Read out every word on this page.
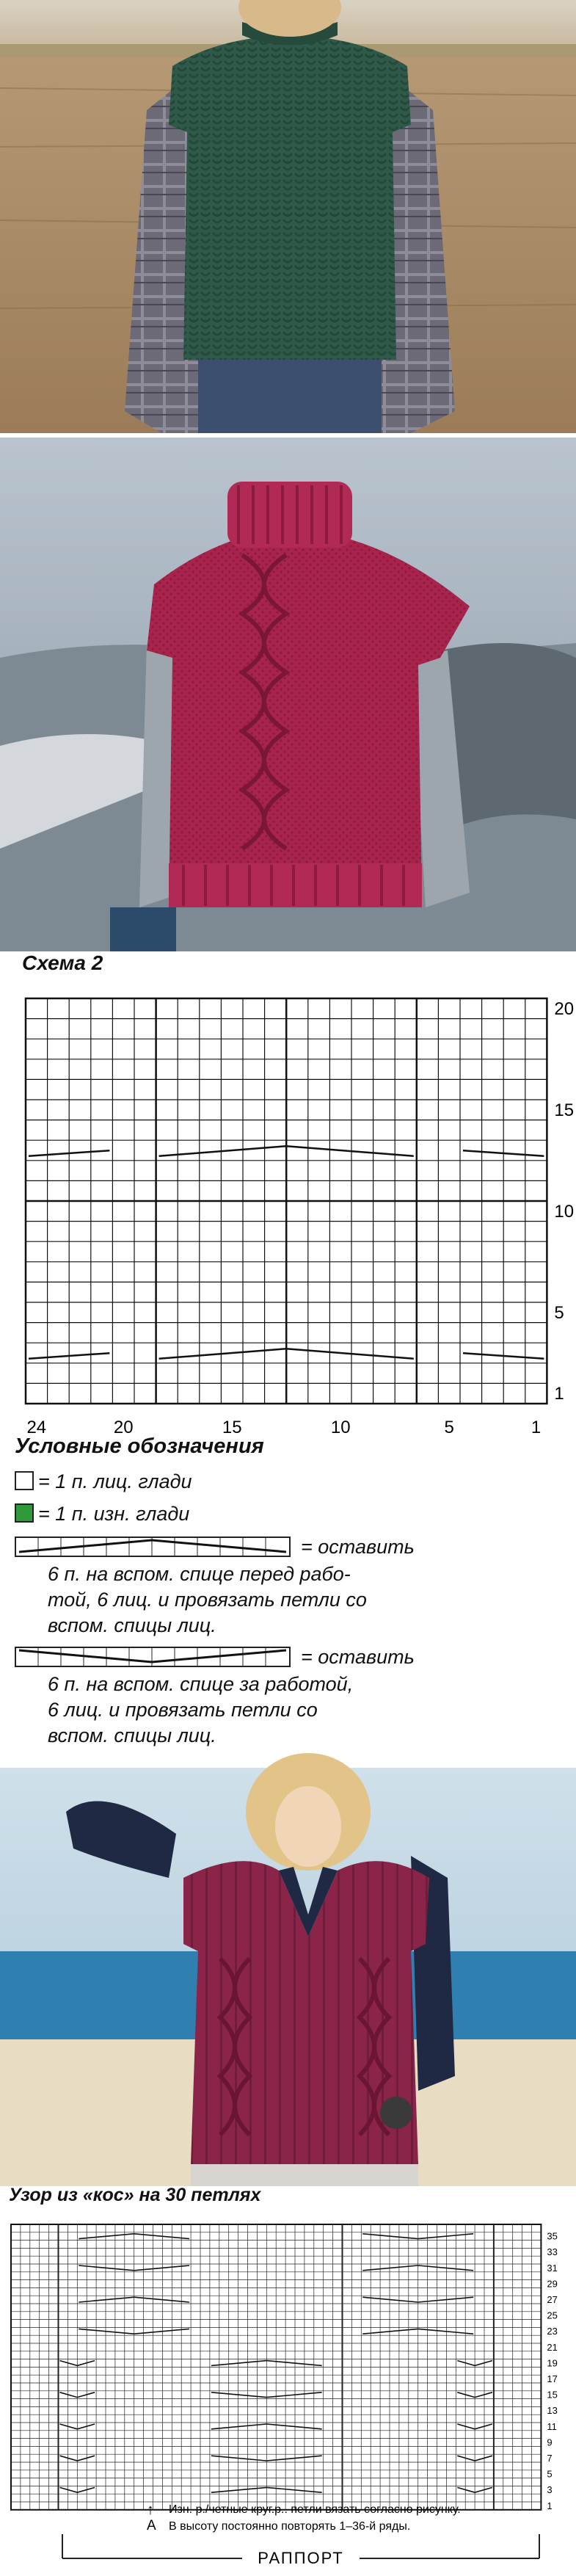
Схема 2
24	20	15	10	5	1
20
15
10
5
1
Условные обозначения
= 1 п. лиц. глади
= 1 п. изн. глади
= оставить
6 п. на вспом. спице перед рабо-
той, 6 лиц. и провязать петли со
вспом. спицы лиц.
= оставить
6 п. на вспом. спице за работой,
6 лиц. и провязать петли со
вспом. спицы лиц.
Узор из «кос» на 30 петлях
35
33
31
29
27
25
23
21
19
17
15
13
11
9
7
5
3
1
↑ Изн. р./четные круг.р.. петли вязать согласно рисунку.
A В высоту постоянно повторять 1–36-й ряды.
РАППОРТ
